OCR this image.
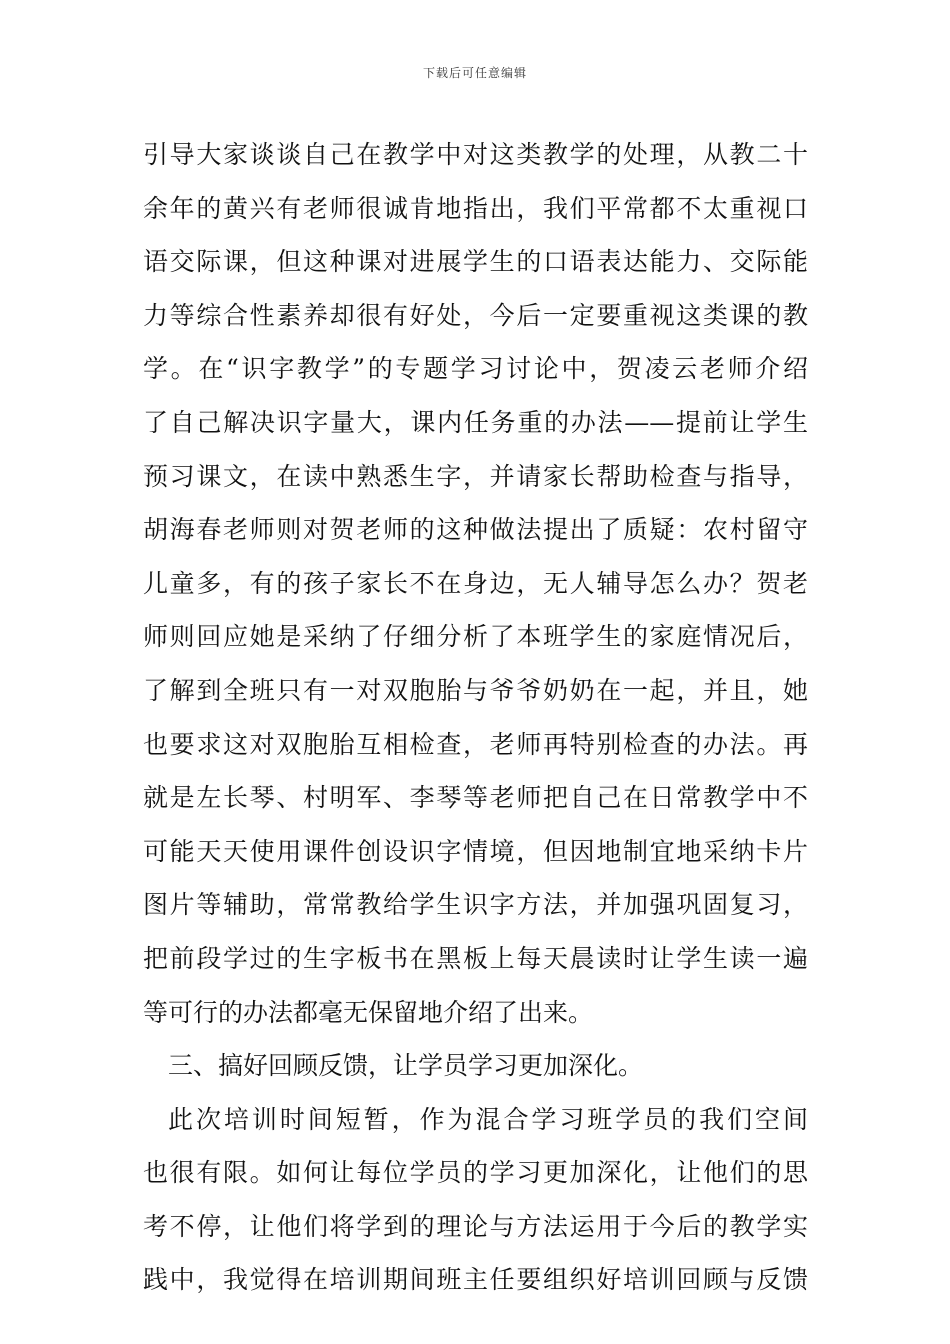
下载后可任意编辑
引导大家谈谈自己在教学中对这类教学的处理，从教二十
余年的黄兴有老师很诚肯地指出，我们平常都不太重视口
语交际课，但这种课对进展学生的口语表达能力、交际能
力等综合性素养却很有好处，今后一定要重视这类课的教
学。在“识字教学”的专题学习讨论中，贺凌云老师介绍
了自己解决识字量大，课内任务重的办法——提前让学生
预习课文，在读中熟悉生字，并请家长帮助检查与指导，
胡海春老师则对贺老师的这种做法提出了质疑：农村留守
儿童多，有的孩子家长不在身边，无人辅导怎么办？贺老
师则回应她是采纳了仔细分析了本班学生的家庭情况后，
了解到全班只有一对双胞胎与爷爷奶奶在一起，并且，她
也要求这对双胞胎互相检查，老师再特别检查的办法。再
就是左长琴、村明军、李琴等老师把自己在日常教学中不
可能天天使用课件创设识字情境，但因地制宜地采纳卡片
图片等辅助，常常教给学生识字方法，并加强巩固复习，
把前段学过的生字板书在黑板上每天晨读时让学生读一遍
等可行的办法都毫无保留地介绍了出来。
三、搞好回顾反馈，让学员学习更加深化。
此次培训时间短暂，作为混合学习班学员的我们空间
也很有限。如何让每位学员的学习更加深化，让他们的思
考不停，让他们将学到的理论与方法运用于今后的教学实
践中，我觉得在培训期间班主任要组织好培训回顾与反馈
